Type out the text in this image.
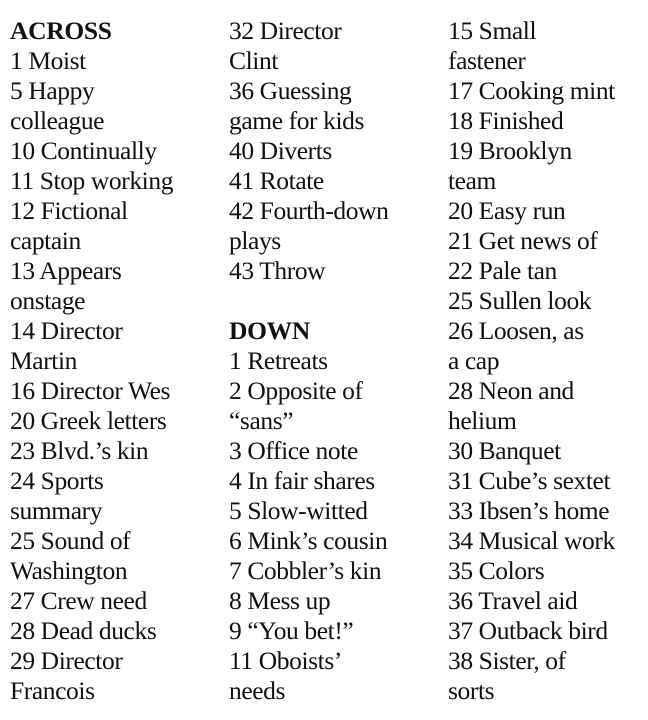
ACROSS
1 Moist
5 Happy
colleague
10 Continually
11 Stop working
12 Fictional
captain
13 Appears
onstage
14 Director
Martin
16 Director Wes
20 Greek letters
23 Blvd.’s kin
24 Sports
summary
25 Sound of
Washington
27 Crew need
28 Dead ducks
29 Director
Francois
32 Director
Clint
36 Guessing
game for kids
40 Diverts
41 Rotate
42 Fourth-down
plays
43 Throw
DOWN
1 Retreats
2 Opposite of
“sans”
3 Office note
4 In fair shares
5 Slow-witted
6 Mink’s cousin
7 Cobbler’s kin
8 Mess up
9 “You bet!”
11 Oboists’
needs
15 Small
fastener
17 Cooking mint
18 Finished
19 Brooklyn
team
20 Easy run
21 Get news of
22 Pale tan
25 Sullen look
26 Loosen, as
a cap
28 Neon and
helium
30 Banquet
31 Cube’s sextet
33 Ibsen’s home
34 Musical work
35 Colors
36 Travel aid
37 Outback bird
38 Sister, of
sorts
